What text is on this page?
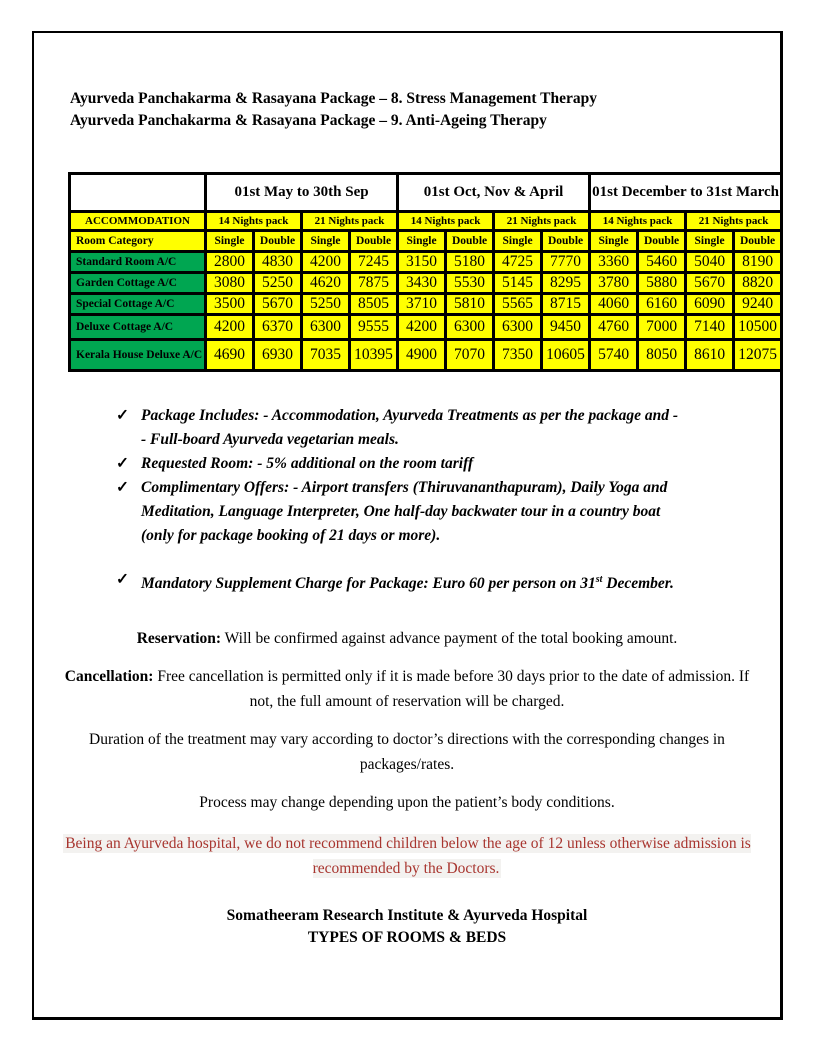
Ayurveda Panchakarma & Rasayana Package – 8. Stress Management Therapy
Ayurveda Panchakarma & Rasayana Package – 9. Anti-Ageing Therapy
	01st May to 30th Sep				01st Oct, Nov & April				01st December to 31st March			
ACCOMMODATION	14 Nights pack		21 Nights pack		14 Nights pack		21 Nights pack		14 Nights pack		21 Nights pack	
Room Category	Single	Double	Single	Double	Single	Double	Single	Double	Single	Double	Single	Double
Standard Room A/C	2800	4830	4200	7245	3150	5180	4725	7770	3360	5460	5040	8190
Garden Cottage A/C	3080	5250	4620	7875	3430	5530	5145	8295	3780	5880	5670	8820
Special Cottage A/C	3500	5670	5250	8505	3710	5810	5565	8715	4060	6160	6090	9240
Deluxe Cottage A/C	4200	6370	6300	9555	4200	6300	6300	9450	4760	7000	7140	10500
Kerala House Deluxe A/C	4690	6930	7035	10395	4900	7070	7350	10605	5740	8050	8610	12075
✓ Package Includes: - Accommodation, Ayurveda Treatments as per the package and -
- Full-board Ayurveda vegetarian meals.
✓ Requested Room: - 5% additional on the room tariff
✓ Complimentary Offers: - Airport transfers (Thiruvananthapuram), Daily Yoga and
Meditation, Language Interpreter, One half-day backwater tour in a country boat
(only for package booking of 21 days or more).
✓ Mandatory Supplement Charge for Package: Euro 60 per person on 31st December.

Reservation: Will be confirmed against advance payment of the total booking amount.

Cancellation: Free cancellation is permitted only if it is made before 30 days prior to the date of admission. If not, the full amount of reservation will be charged.

Duration of the treatment may vary according to doctor’s directions with the corresponding changes in packages/rates.

Process may change depending upon the patient’s body conditions.

Being an Ayurveda hospital, we do not recommend children below the age of 12 unless otherwise admission is recommended by the Doctors.

Somatheeram Research Institute & Ayurveda Hospital
TYPES OF ROOMS & BEDS
